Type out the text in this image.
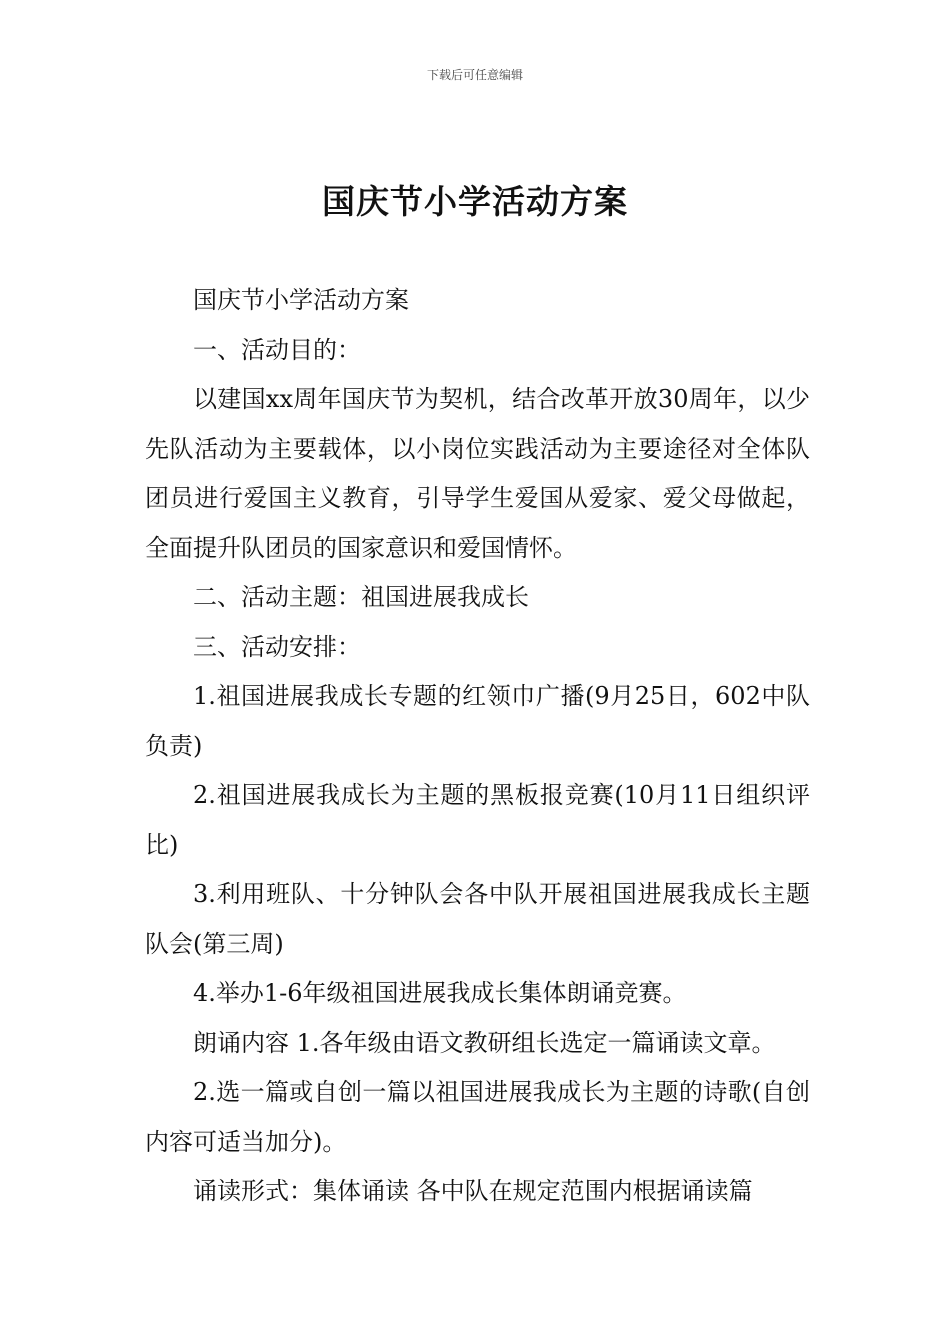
下载后可任意编辑
国庆节小学活动方案

国庆节小学活动方案

一、活动目的：

以建国xx周年国庆节为契机，结合改革开放30周年，以少先队活动为主要载体，以小岗位实践活动为主要途径对全体队团员进行爱国主义教育，引导学生爱国从爱家、爱父母做起，全面提升队团员的国家意识和爱国情怀。

二、活动主题：祖国进展我成长

三、活动安排：

1.祖国进展我成长专题的红领巾广播(9月25日，602中队负责)

2.祖国进展我成长为主题的黑板报竞赛(10月11日组织评比)

3.利用班队、十分钟队会各中队开展祖国进展我成长主题队会(第三周)

4.举办1-6年级祖国进展我成长集体朗诵竞赛。

朗诵内容 1.各年级由语文教研组长选定一篇诵读文章。

2.选一篇或自创一篇以祖国进展我成长为主题的诗歌(自创内容可适当加分)。

诵读形式：集体诵读 各中队在规定范围内根据诵读篇
